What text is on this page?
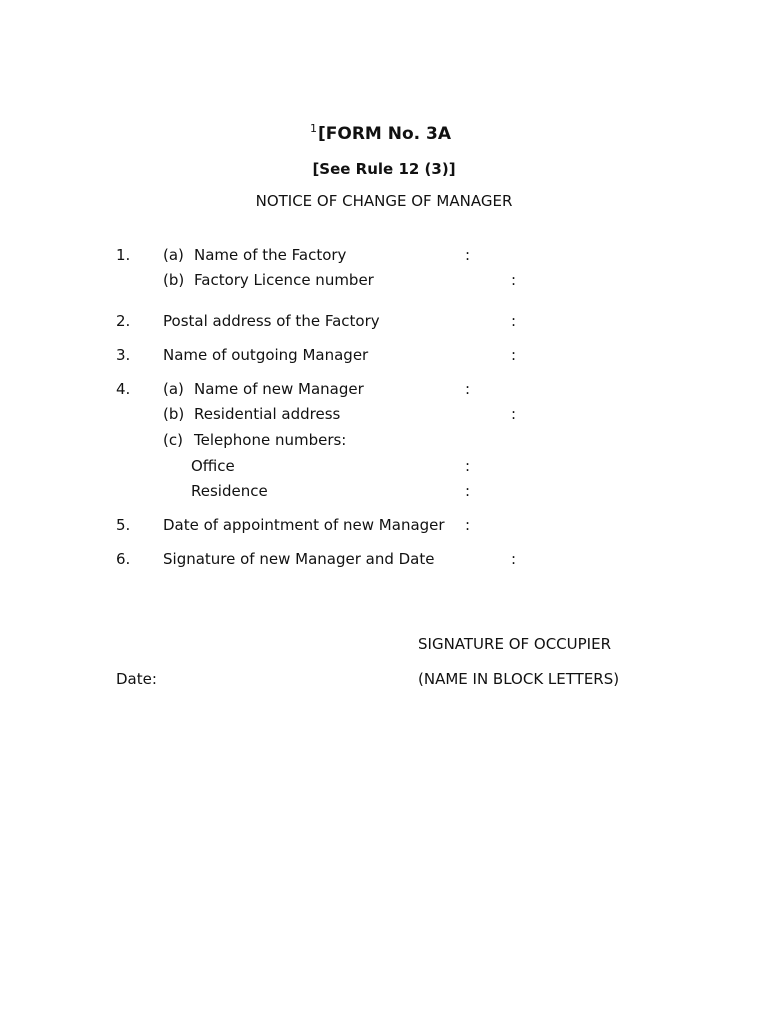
$^1$[FORM No. 3A
[See Rule 12 (3)]
NOTICE OF CHANGE OF MANAGER
1. (a) Name of the Factory	:
(b) Factory Licence number	:
2. Postal address of the Factory	:
3. Name of outgoing Manager	:
4. (a) Name of new Manager	:
(b) Residential address	:
(c) Telephone numbers:
Office	:
Residence	:
5. Date of appointment of new Manager :
6. Signature of new Manager and Date	:
SIGNATURE OF OCCUPIER
Date:	(NAME IN BLOCK LETTERS)
